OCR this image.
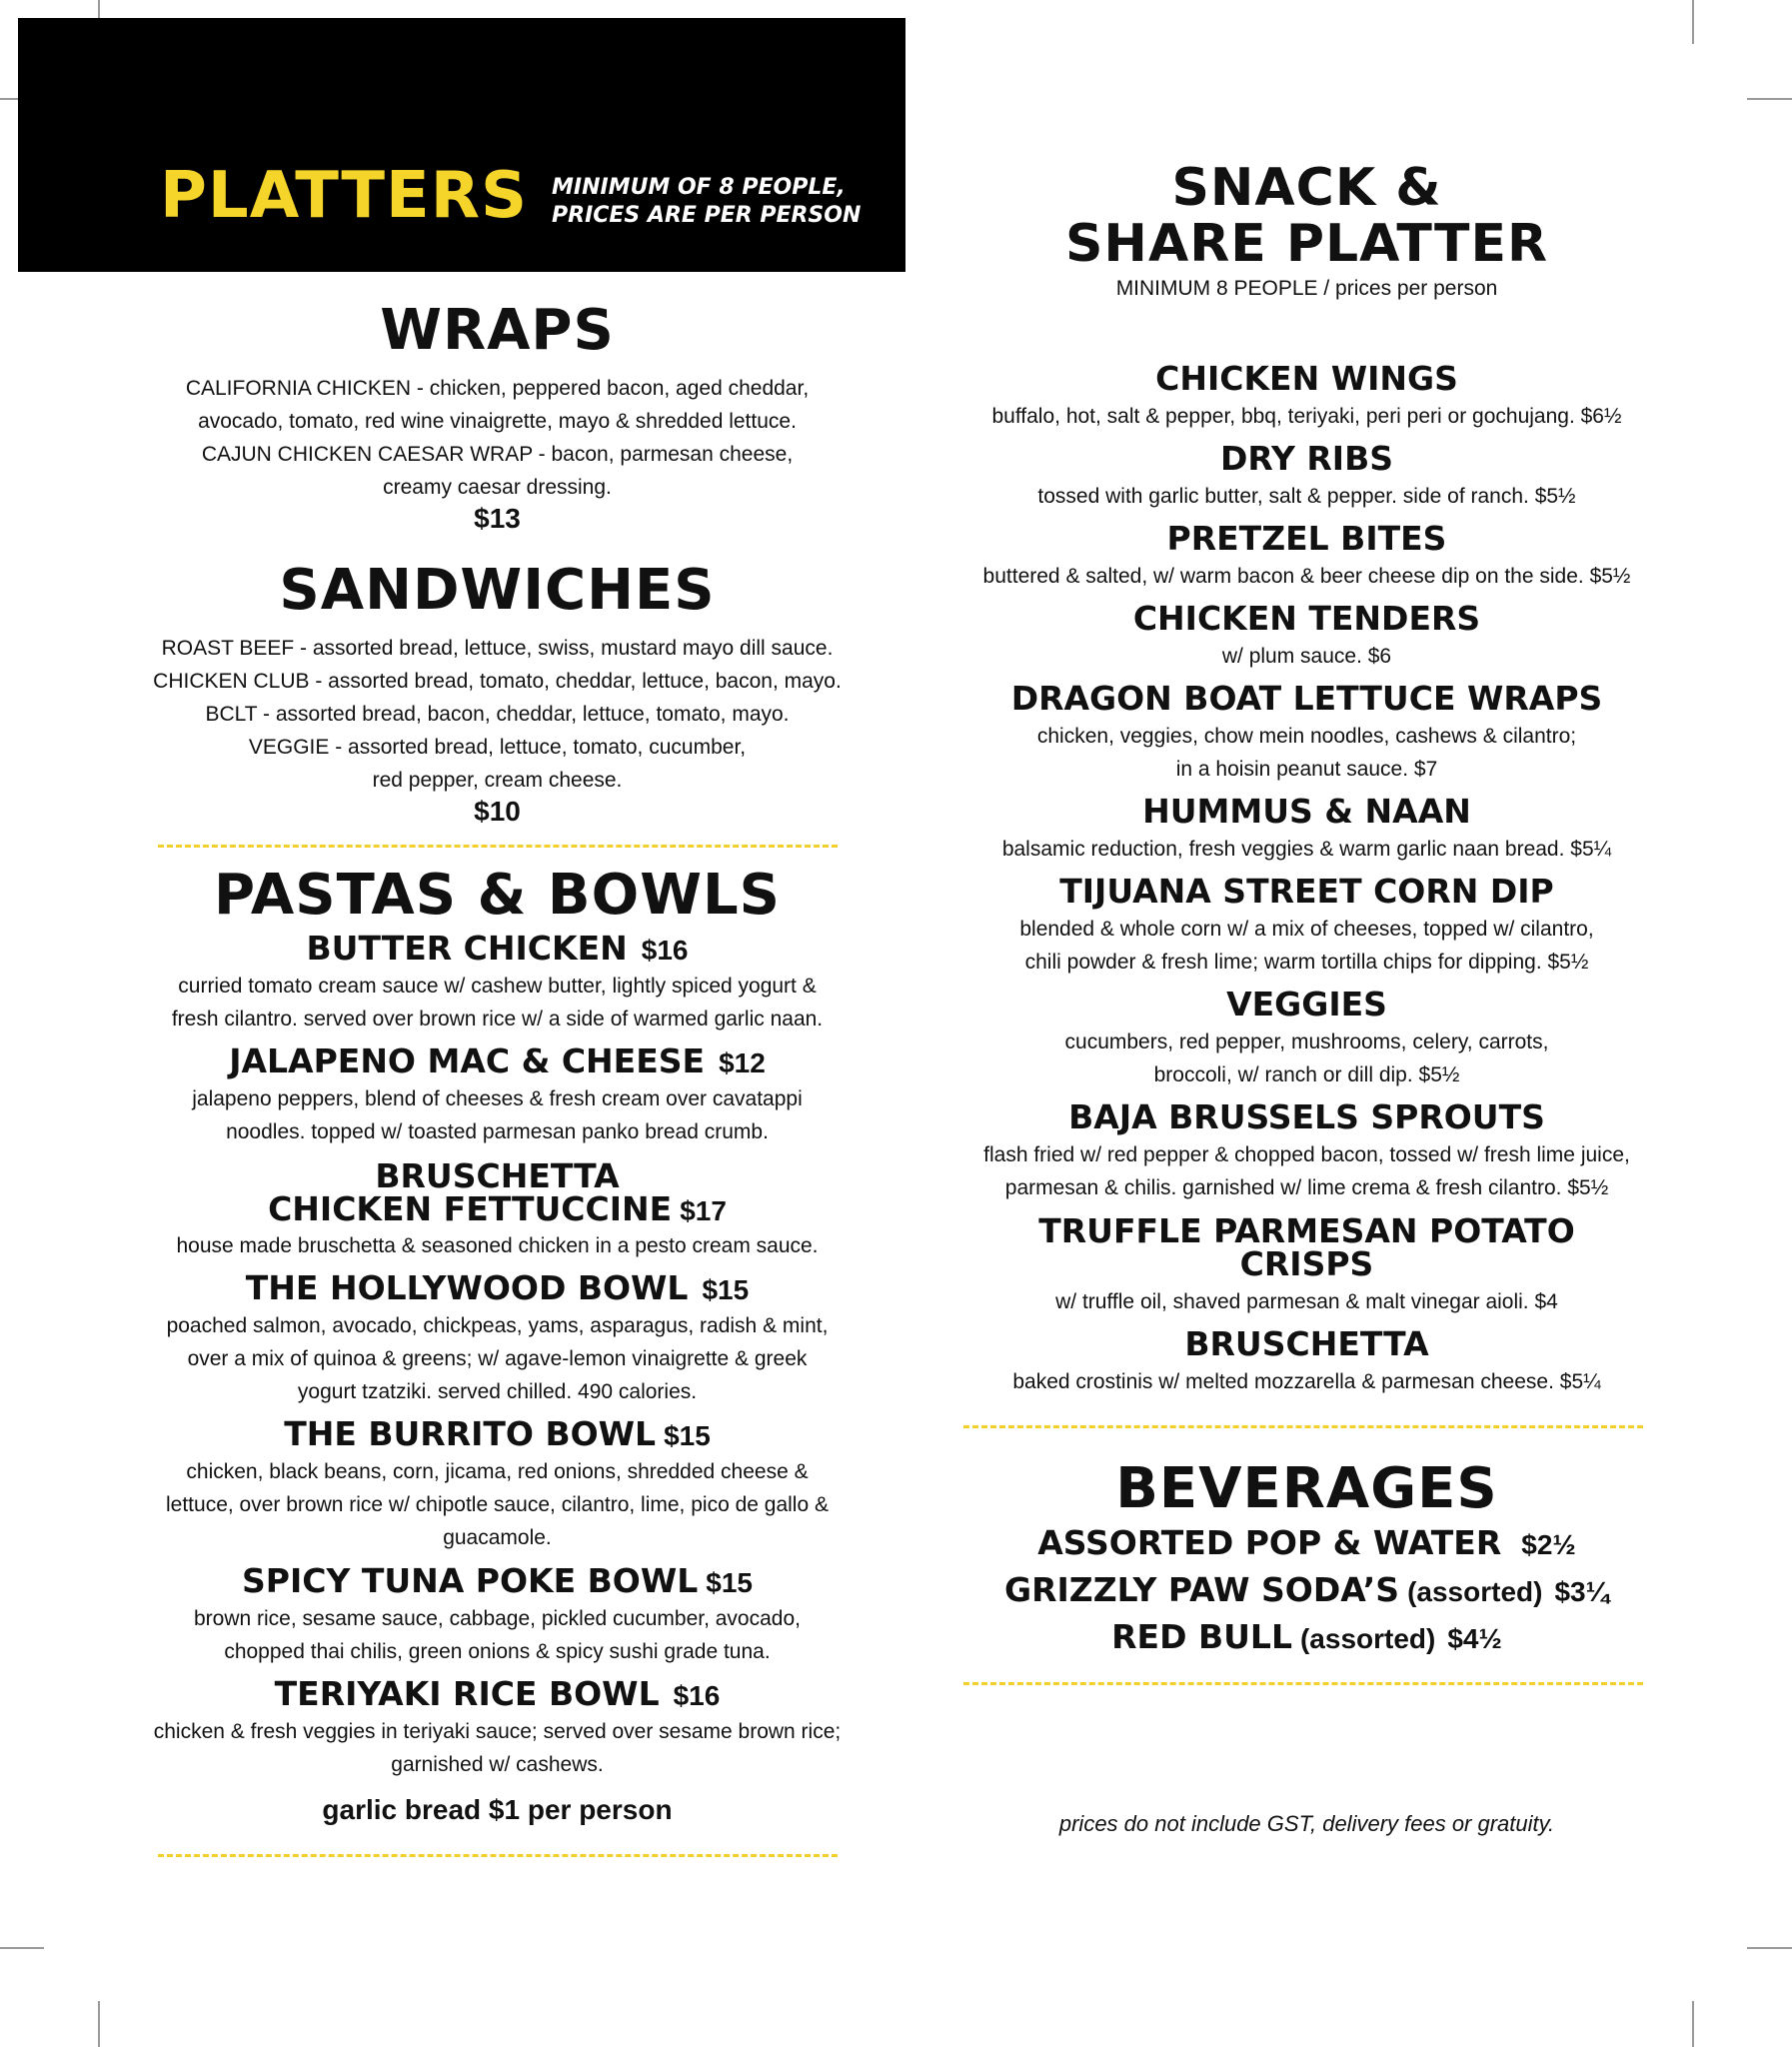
PLATTERS MINIMUM OF 8 PEOPLE,
PRICES ARE PER PERSON
WRAPS
CALIFORNIA CHICKEN - chicken, peppered bacon, aged cheddar,
avocado, tomato, red wine vinaigrette, mayo & shredded lettuce.
CAJUN CHICKEN CAESAR WRAP - bacon, parmesan cheese,
creamy caesar dressing.
$13
SANDWICHES
ROAST BEEF - assorted bread, lettuce, swiss, mustard mayo dill sauce.
CHICKEN CLUB - assorted bread, tomato, cheddar, lettuce, bacon, mayo.
BCLT - assorted bread, bacon, cheddar, lettuce, tomato, mayo.
VEGGIE - assorted bread, lettuce, tomato, cucumber,
red pepper, cream cheese.
$10
PASTAS & BOWLS
BUTTER CHICKEN $16
curried tomato cream sauce w/ cashew butter, lightly spiced yogurt &
fresh cilantro. served over brown rice w/ a side of warmed garlic naan.
JALAPENO MAC & CHEESE $12
jalapeno peppers, blend of cheeses & fresh cream over cavatappi
noodles. topped w/ toasted parmesan panko bread crumb.
BRUSCHETTA
CHICKEN FETTUCCINE $17
house made bruschetta & seasoned chicken in a pesto cream sauce.
THE HOLLYWOOD BOWL $15
poached salmon, avocado, chickpeas, yams, asparagus, radish & mint,
over a mix of quinoa & greens; w/ agave-lemon vinaigrette & greek
yogurt tzatziki. served chilled. 490 calories.
THE BURRITO BOWL $15
chicken, black beans, corn, jicama, red onions, shredded cheese &
lettuce, over brown rice w/ chipotle sauce, cilantro, lime, pico de gallo &
guacamole.
SPICY TUNA POKE BOWL $15
brown rice, sesame sauce, cabbage, pickled cucumber, avocado,
chopped thai chilis, green onions & spicy sushi grade tuna.
TERIYAKI RICE BOWL $16
chicken & fresh veggies in teriyaki sauce; served over sesame brown rice;
garnished w/ cashews.
garlic bread $1 per person
SNACK &
SHARE PLATTER
MINIMUM 8 PEOPLE / prices per person
CHICKEN WINGS
buffalo, hot, salt & pepper, bbq, teriyaki, peri peri or gochujang. $6½
DRY RIBS
tossed with garlic butter, salt & pepper. side of ranch. $5½
PRETZEL BITES
buttered & salted, w/ warm bacon & beer cheese dip on the side. $5½
CHICKEN TENDERS
w/ plum sauce. $6
DRAGON BOAT LETTUCE WRAPS
chicken, veggies, chow mein noodles, cashews & cilantro;
in a hoisin peanut sauce. $7
HUMMUS & NAAN
balsamic reduction, fresh veggies & warm garlic naan bread. $5¼
TIJUANA STREET CORN DIP
blended & whole corn w/ a mix of cheeses, topped w/ cilantro,
chili powder & fresh lime; warm tortilla chips for dipping. $5½
VEGGIES
cucumbers, red pepper, mushrooms, celery, carrots,
broccoli, w/ ranch or dill dip. $5½
BAJA BRUSSELS SPROUTS
flash fried w/ red pepper & chopped bacon, tossed w/ fresh lime juice,
parmesan & chilis. garnished w/ lime crema & fresh cilantro. $5½
TRUFFLE PARMESAN POTATO
CRISPS
w/ truffle oil, shaved parmesan & malt vinegar aioli. $4
BRUSCHETTA
baked crostinis w/ melted mozzarella & parmesan cheese. $5¼
BEVERAGES
ASSORTED POP & WATER $2½
GRIZZLY PAW SODA’S (assorted) $3¼
RED BULL (assorted) $4½
prices do not include GST, delivery fees or gratuity.
